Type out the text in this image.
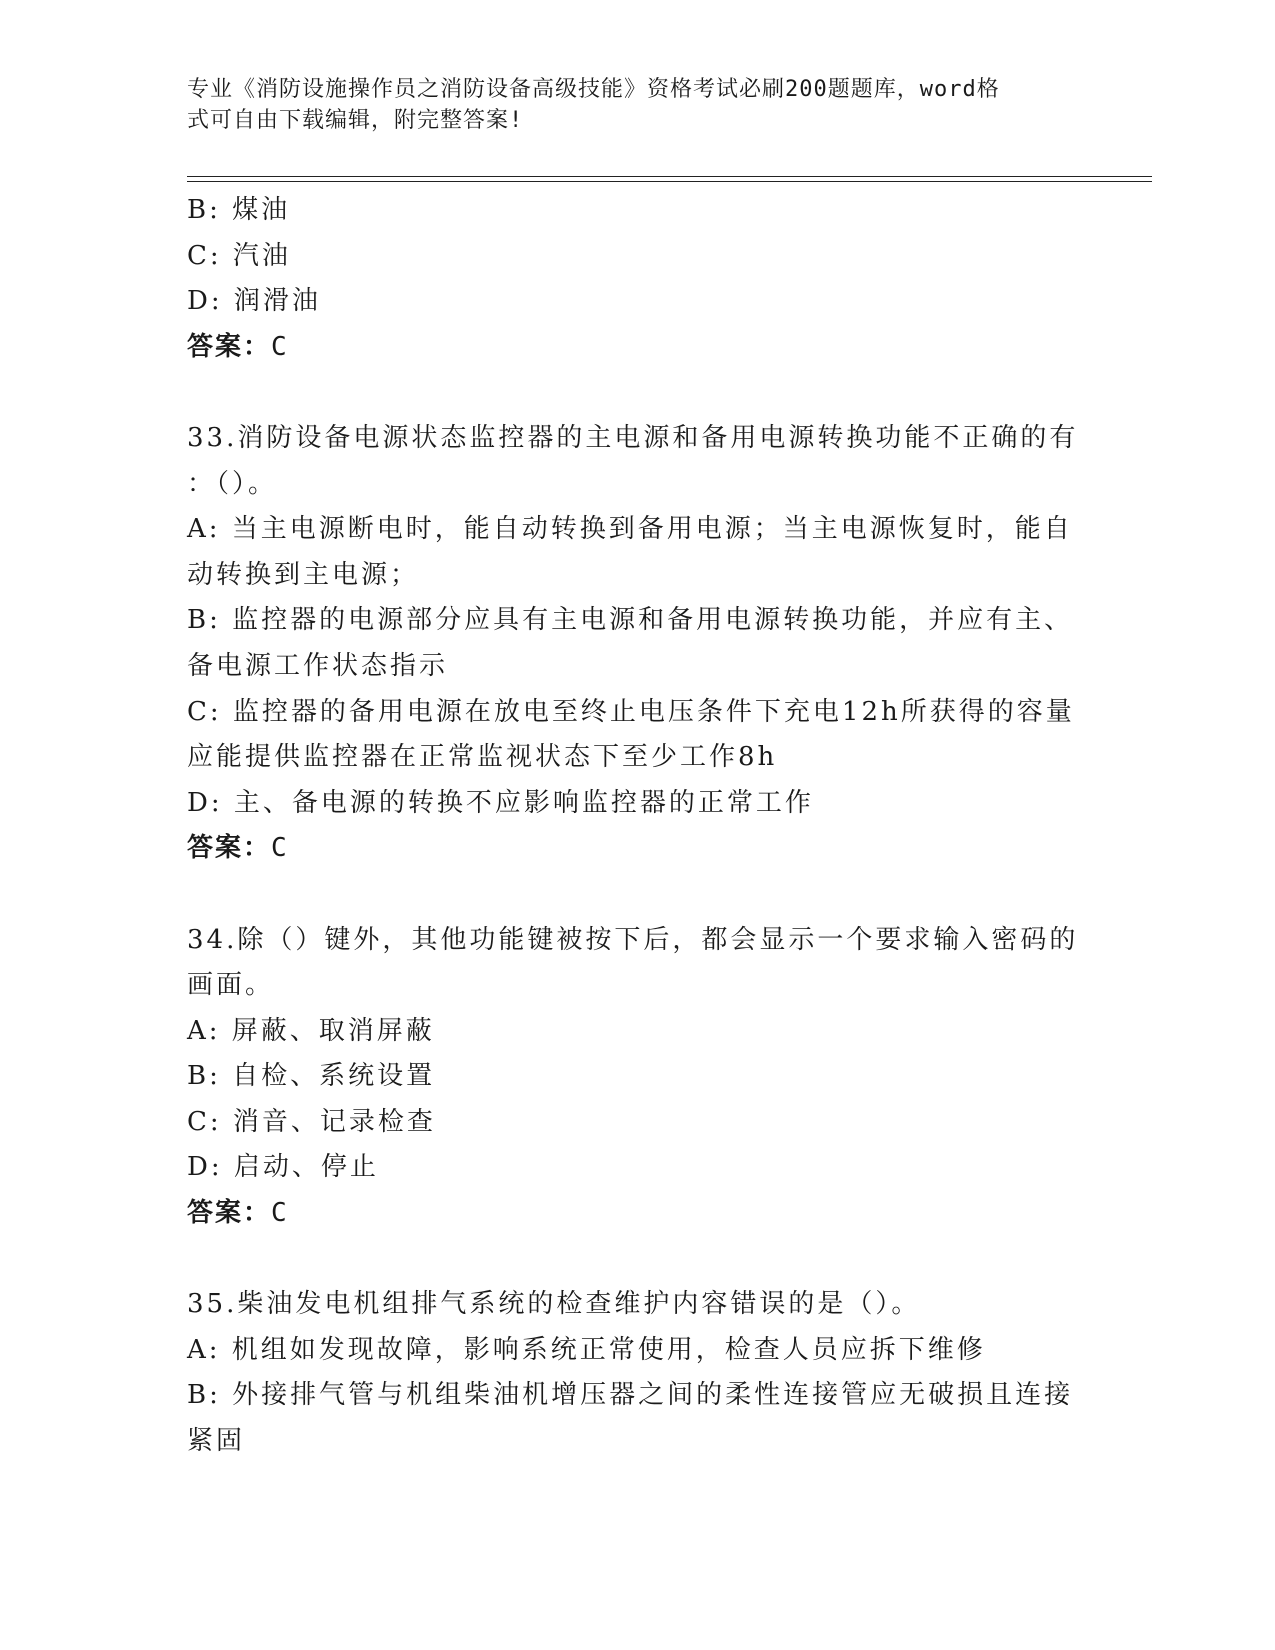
专业《消防设施操作员之消防设备高级技能》资格考试必刷200题题库，word格
式可自由下载编辑，附完整答案!
B: 煤油
C: 汽油
D: 润滑油
答案：C
33.消防设备电源状态监控器的主电源和备用电源转换功能不正确的有
：（）。
A: 当主电源断电时，能自动转换到备用电源；当主电源恢复时，能自
动转换到主电源；
B: 监控器的电源部分应具有主电源和备用电源转换功能，并应有主、
备电源工作状态指示
C: 监控器的备用电源在放电至终止电压条件下充电12h所获得的容量
应能提供监控器在正常监视状态下至少工作8h
D: 主、备电源的转换不应影响监控器的正常工作
答案：C
34.除（）键外，其他功能键被按下后，都会显示一个要求输入密码的
画面。
A: 屏蔽、取消屏蔽
B: 自检、系统设置
C: 消音、记录检查
D: 启动、停止
答案：C
35.柴油发电机组排气系统的检查维护内容错误的是（）。
A: 机组如发现故障，影响系统正常使用，检查人员应拆下维修
B: 外接排气管与机组柴油机增压器之间的柔性连接管应无破损且连接
紧固
